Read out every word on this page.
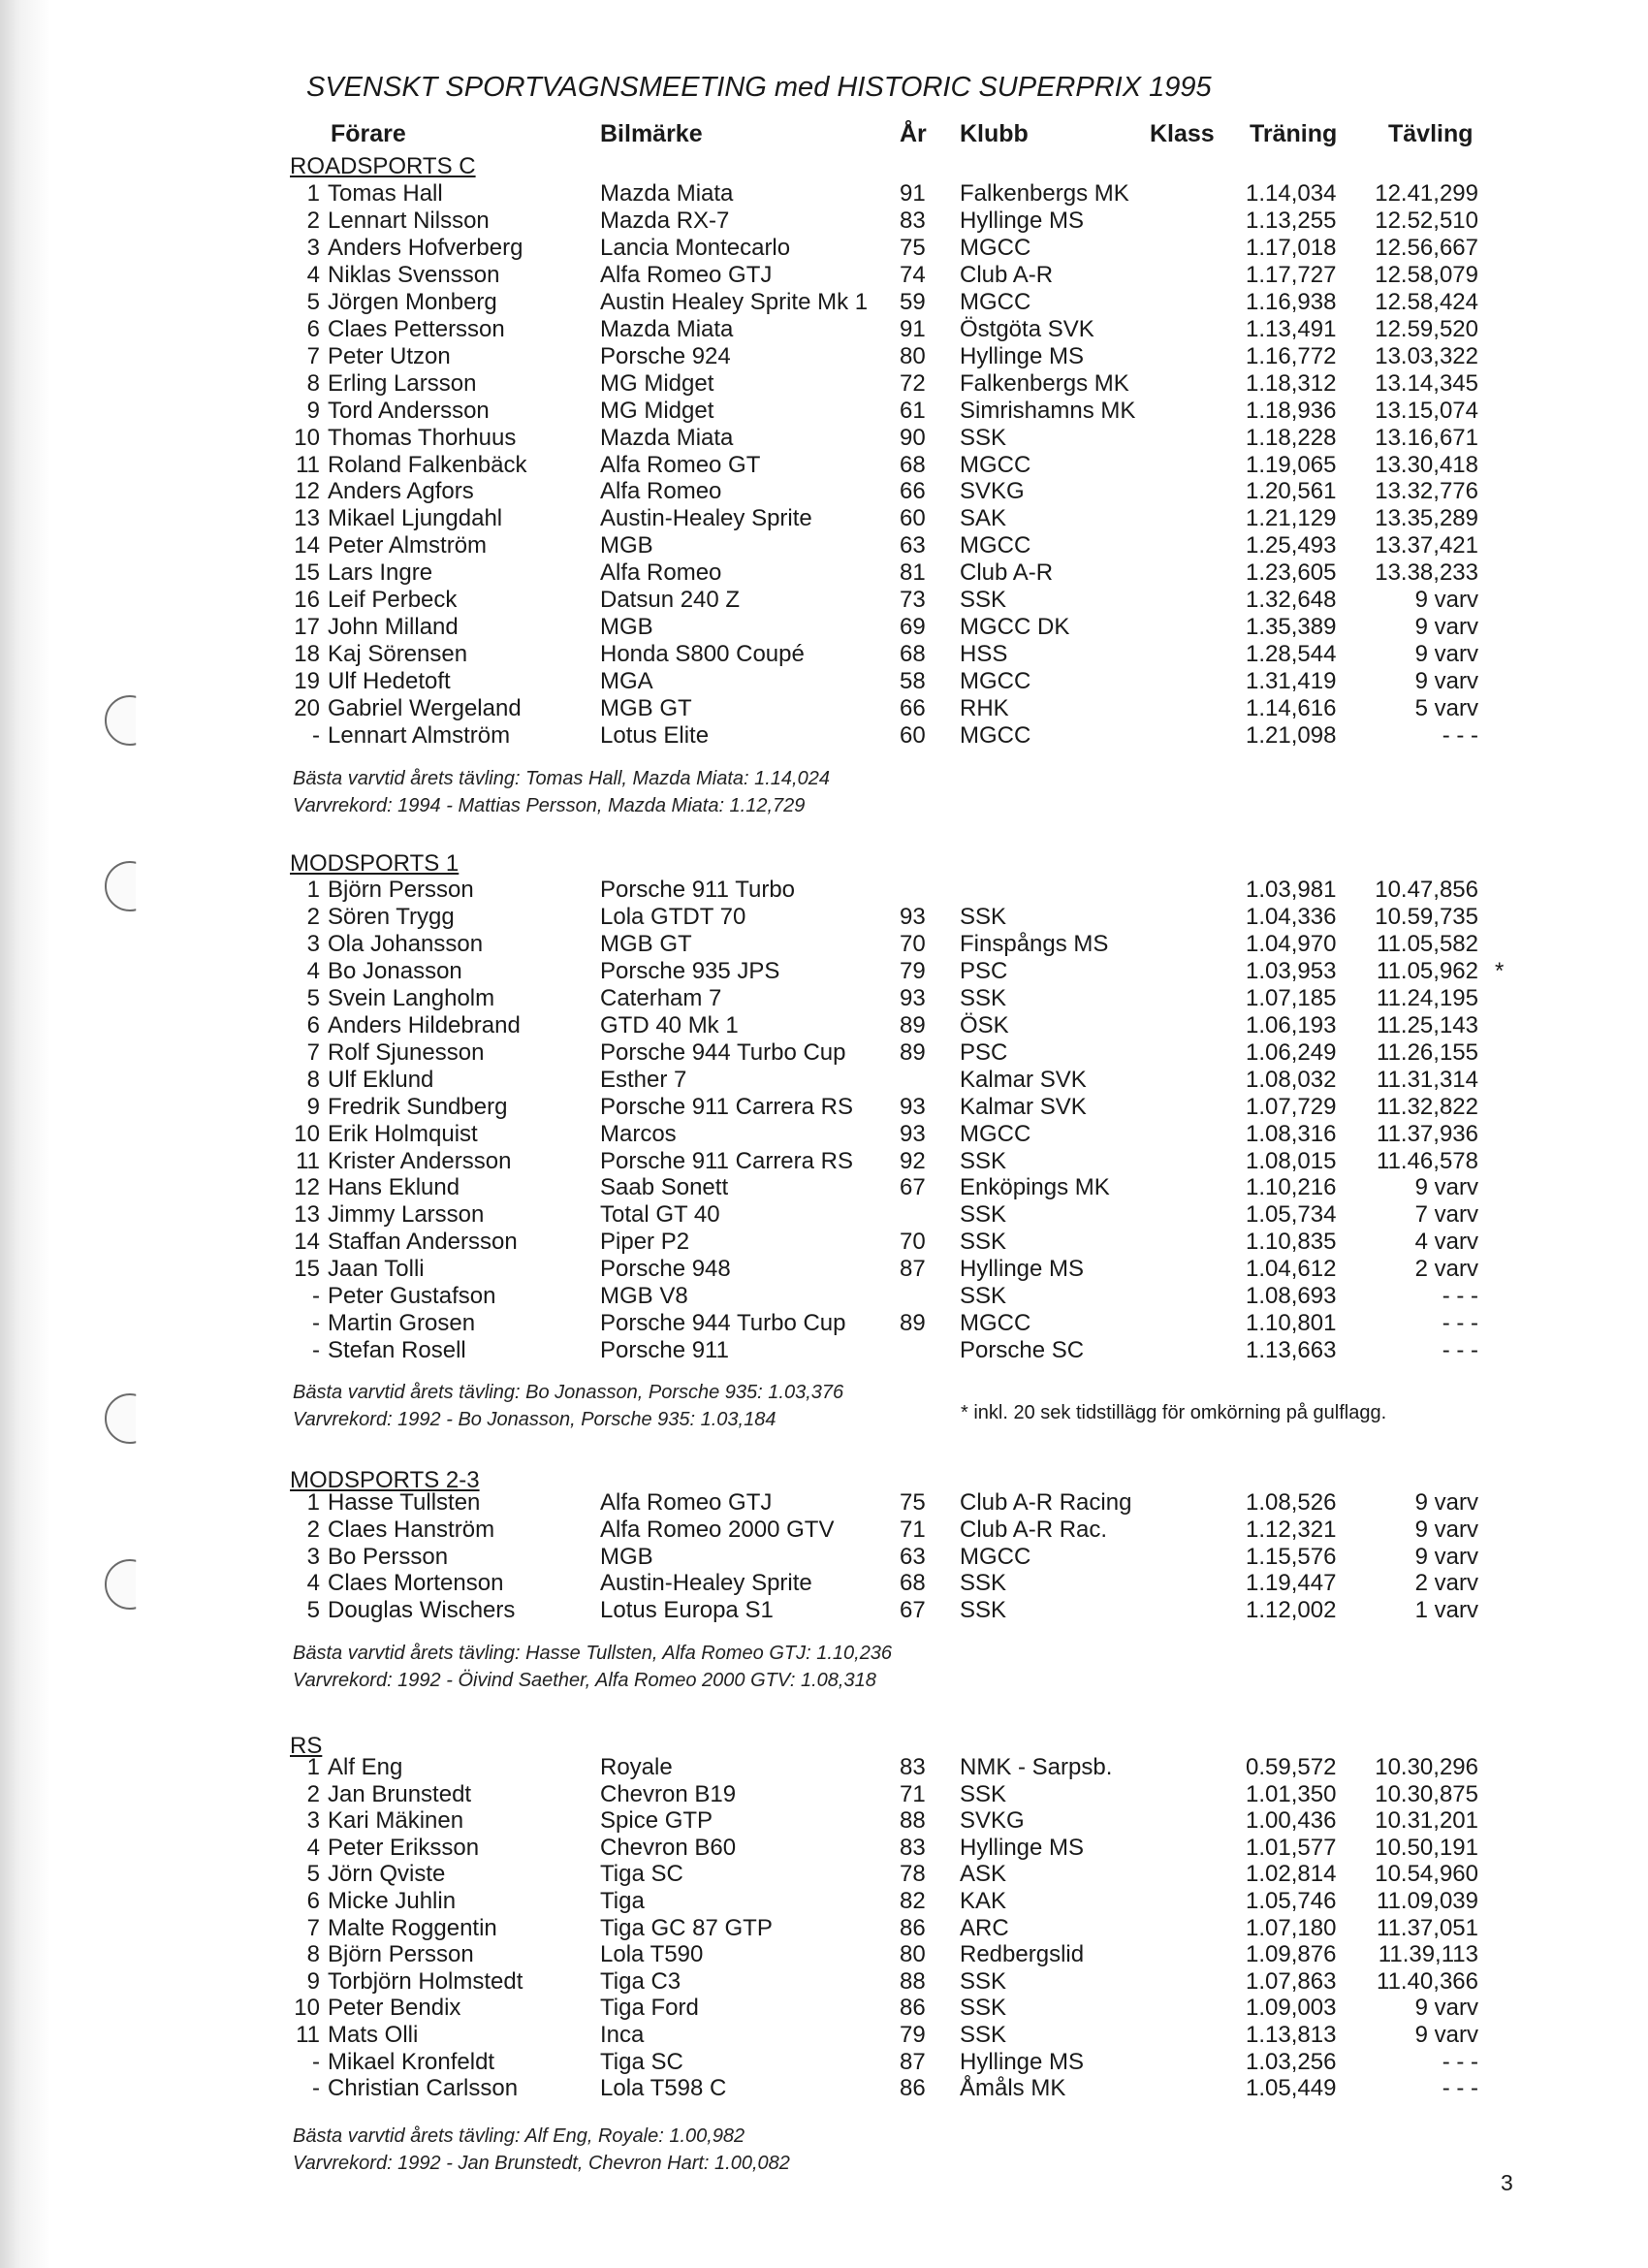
SVENSKT SPORTVAGNSMEETING med HISTORIC SUPERPRIX 1995
Förare	Bilmärke	År Klubb	Klass Träning Tävling
ROADSPORTS C
1 Tomas Hall	Mazda Miata	91 Falkenbergs MK	1.14,034 12.41,299
2 Lennart Nilsson	Mazda RX-7	83 Hyllinge MS	1.13,255 12.52,510
3 Anders Hofverberg	Lancia Montecarlo	75 MGCC	1.17,018 12.56,667
4 Niklas Svensson	Alfa Romeo GTJ	74 Club A-R	1.17,727 12.58,079
5 Jörgen Monberg	Austin Healey Sprite Mk 1 59 MGCC	1.16,938 12.58,424
6 Claes Pettersson	Mazda Miata	91 Östgöta SVK	1.13,491 12.59,520
7 Peter Utzon	Porsche 924	80 Hyllinge MS	1.16,772 13.03,322
8 Erling Larsson	MG Midget	72 Falkenbergs MK	1.18,312 13.14,345
9 Tord Andersson	MG Midget	61 Simrishamns MK	1.18,936 13.15,074
10 Thomas Thorhuus	Mazda Miata	90 SSK	1.18,228 13.16,671
11 Roland Falkenbäck	Alfa Romeo GT	68 MGCC	1.19,065 13.30,418
12 Anders Agfors	Alfa Romeo	66 SVKG	1.20,561 13.32,776
13 Mikael Ljungdahl	Austin-Healey Sprite	60 SAK	1.21,129 13.35,289
14 Peter Almström	MGB	63 MGCC	1.25,493 13.37,421
15 Lars Ingre	Alfa Romeo	81 Club A-R	1.23,605 13.38,233
16 Leif Perbeck	Datsun 240 Z	73 SSK	1.32,648	9 varv
17 John Milland	MGB	69 MGCC DK	1.35,389	9 varv
18 Kaj Sörensen	Honda S800 Coupé	68 HSS	1.28,544	9 varv
19 Ulf Hedetoft	MGA	58 MGCC	1.31,419	9 varv
20 Gabriel Wergeland	MGB GT	66 RHK	1.14,616	5 varv
- Lennart Almström	Lotus Elite	60 MGCC	1.21,098	- - -
Bästa varvtid årets tävling: Tomas Hall, Mazda Miata: 1.14,024
Varvrekord: 1994 - Mattias Persson, Mazda Miata: 1.12,729
MODSPORTS 1
1 Björn Persson	Porsche 911 Turbo	1.03,981 10.47,856
2 Sören Trygg	Lola GTDT 70	93 SSK	1.04,336 10.59,735
3 Ola Johansson	MGB GT	70 Finspångs MS	1.04,970	11.05,582
4 Bo Jonasson	Porsche 935 JPS	79 PSC	1.03,953	11.05,962 *
5 Svein Langholm	Caterham 7	93 SSK	1.07,185	11.24,195
6 Anders Hildebrand	GTD 40 Mk 1	89 ÖSK	1.06,193	11.25,143
7 Rolf Sjunesson	Porsche 944 Turbo Cup 89 PSC	1.06,249	11.26,155
8 Ulf Eklund	Esther 7	Kalmar SVK	1.08,032	11.31,314
9 Fredrik Sundberg	Porsche 911 Carrera RS 93 Kalmar SVK	1.07,729	11.32,822
10 Erik Holmquist	Marcos	93 MGCC	1.08,316	11.37,936
11 Krister Andersson	Porsche 911 Carrera RS 92 SSK	1.08,015	11.46,578
12 Hans Eklund	Saab Sonett	67 Enköpings MK	1.10,216	9 varv
13 Jimmy Larsson	Total GT 40	SSK	1.05,734	7 varv
14 Staffan Andersson	Piper P2	70 SSK	1.10,835	4 varv
15 Jaan Tolli	Porsche 948	87 Hyllinge MS	1.04,612	2 varv
- Peter Gustafson	MGB V8	SSK	1.08,693	- - -
- Martin Grosen	Porsche 944 Turbo Cup 89 MGCC	1.10,801	- - -
- Stefan Rosell	Porsche 911	Porsche SC	1.13,663	- - -
Bästa varvtid årets tävling: Bo Jonasson, Porsche 935: 1.03,376
Varvrekord: 1992 - Bo Jonasson, Porsche 935: 1.03,184
MODSPORTS 2-3
1 Hasse Tullsten	Alfa Romeo GTJ	75 Club A-R Racing	1.08,526	9 varv
2 Claes Hanström	Alfa Romeo 2000 GTV	71 Club A-R Rac.	1.12,321	9 varv
3 Bo Persson	MGB	63 MGCC	1.15,576	9 varv
4 Claes Mortenson	Austin-Healey Sprite	68 SSK	1.19,447	2 varv
5 Douglas Wischers	Lotus Europa S1	67 SSK	1.12,002	1 varv
Bästa varvtid årets tävling: Hasse Tullsten, Alfa Romeo GTJ: 1.10,236
Varvrekord: 1992 - Öivind Saether, Alfa Romeo 2000 GTV: 1.08,318
RS
1 Alf Eng	Royale	83 NMK - Sarpsb.	0.59,572 10.30,296
2 Jan Brunstedt	Chevron B19	71 SSK	1.01,350 10.30,875
3 Kari Mäkinen	Spice GTP	88 SVKG	1.00,436 10.31,201
4 Peter Eriksson	Chevron B60	83 Hyllinge MS	1.01,577 10.50,191
5 Jörn Qviste	Tiga SC	78 ASK	1.02,814 10.54,960
6 Micke Juhlin	Tiga	82 KAK	1.05,746	11.09,039
7 Malte Roggentin	Tiga GC 87 GTP	86 ARC	1.07,180	11.37,051
8 Björn Persson	Lola T590	80 Redbergslid	1.09,876	11.39,113
9 Torbjörn Holmstedt	Tiga C3	88 SSK	1.07,863	11.40,366
10 Peter Bendix	Tiga Ford	86 SSK	1.09,003	9 varv
11 Mats Olli	Inca	79 SSK	1.13,813	9 varv
- Mikael Kronfeldt	Tiga SC	87 Hyllinge MS	1.03,256	- - -
- Christian Carlsson	Lola T598 C	86 Åmåls MK	1.05,449	- - -
Bästa varvtid årets tävling: Alf Eng, Royale: 1.00,982
Varvrekord: 1992 - Jan Brunstedt, Chevron Hart: 1.00,082
* inkl. 20 sek tidstillägg för omkörning på gulflagg.
3
